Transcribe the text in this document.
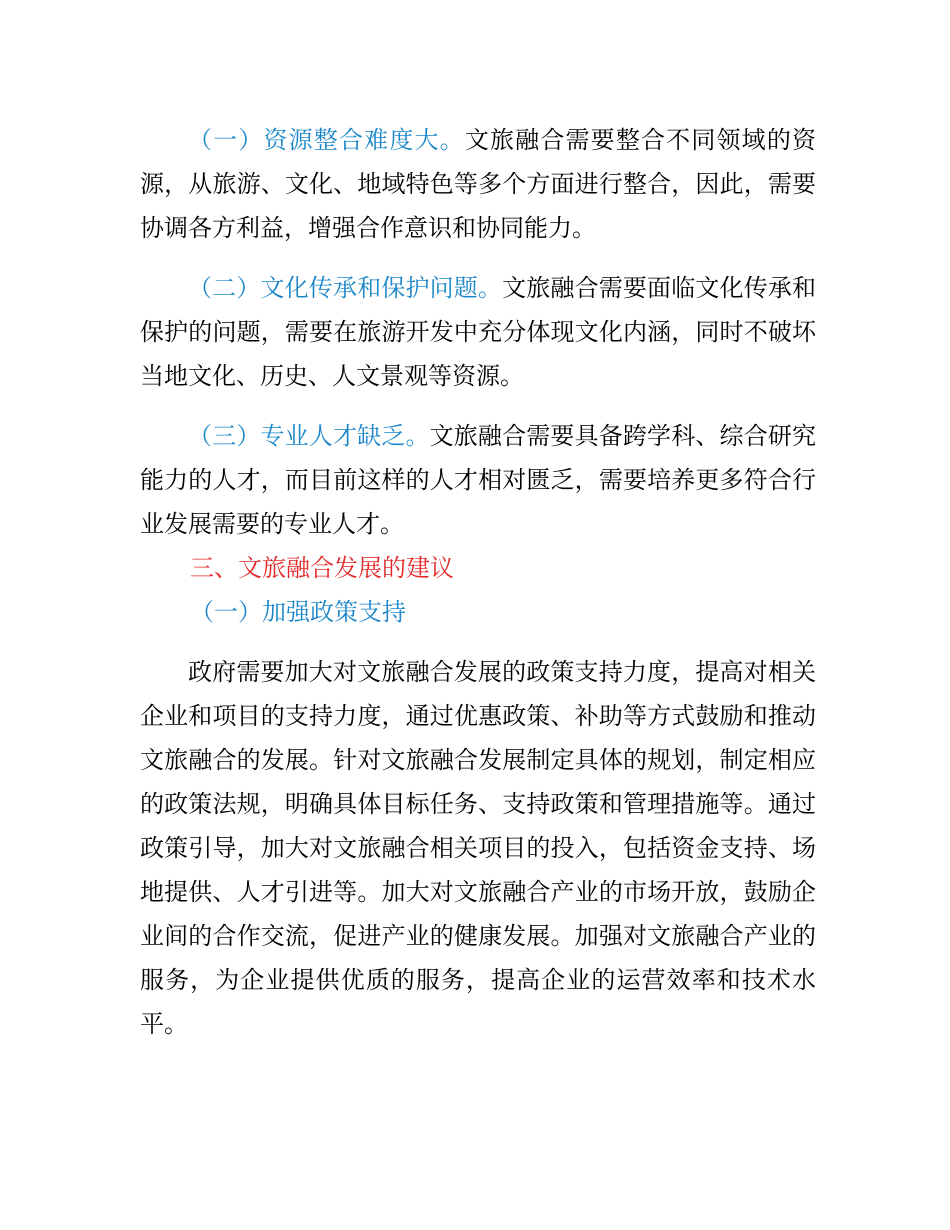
（一）资源整合难度大。文旅融合需要整合不同领域的资源，从旅游、文化、地域特色等多个方面进行整合，因此，需要协调各方利益，增强合作意识和协同能力。

（二）文化传承和保护问题。文旅融合需要面临文化传承和保护的问题，需要在旅游开发中充分体现文化内涵，同时不破坏当地文化、历史、人文景观等资源。

（三）专业人才缺乏。文旅融合需要具备跨学科、综合研究能力的人才，而目前这样的人才相对匮乏，需要培养更多符合行业发展需要的专业人才。

三、文旅融合发展的建议

（一）加强政策支持

政府需要加大对文旅融合发展的政策支持力度，提高对相关企业和项目的支持力度，通过优惠政策、补助等方式鼓励和推动文旅融合的发展。针对文旅融合发展制定具体的规划，制定相应的政策法规，明确具体目标任务、支持政策和管理措施等。通过政策引导，加大对文旅融合相关项目的投入，包括资金支持、场地提供、人才引进等。加大对文旅融合产业的市场开放，鼓励企业间的合作交流，促进产业的健康发展。加强对文旅融合产业的服务，为企业提供优质的服务，提高企业的运营效率和技术水平。
